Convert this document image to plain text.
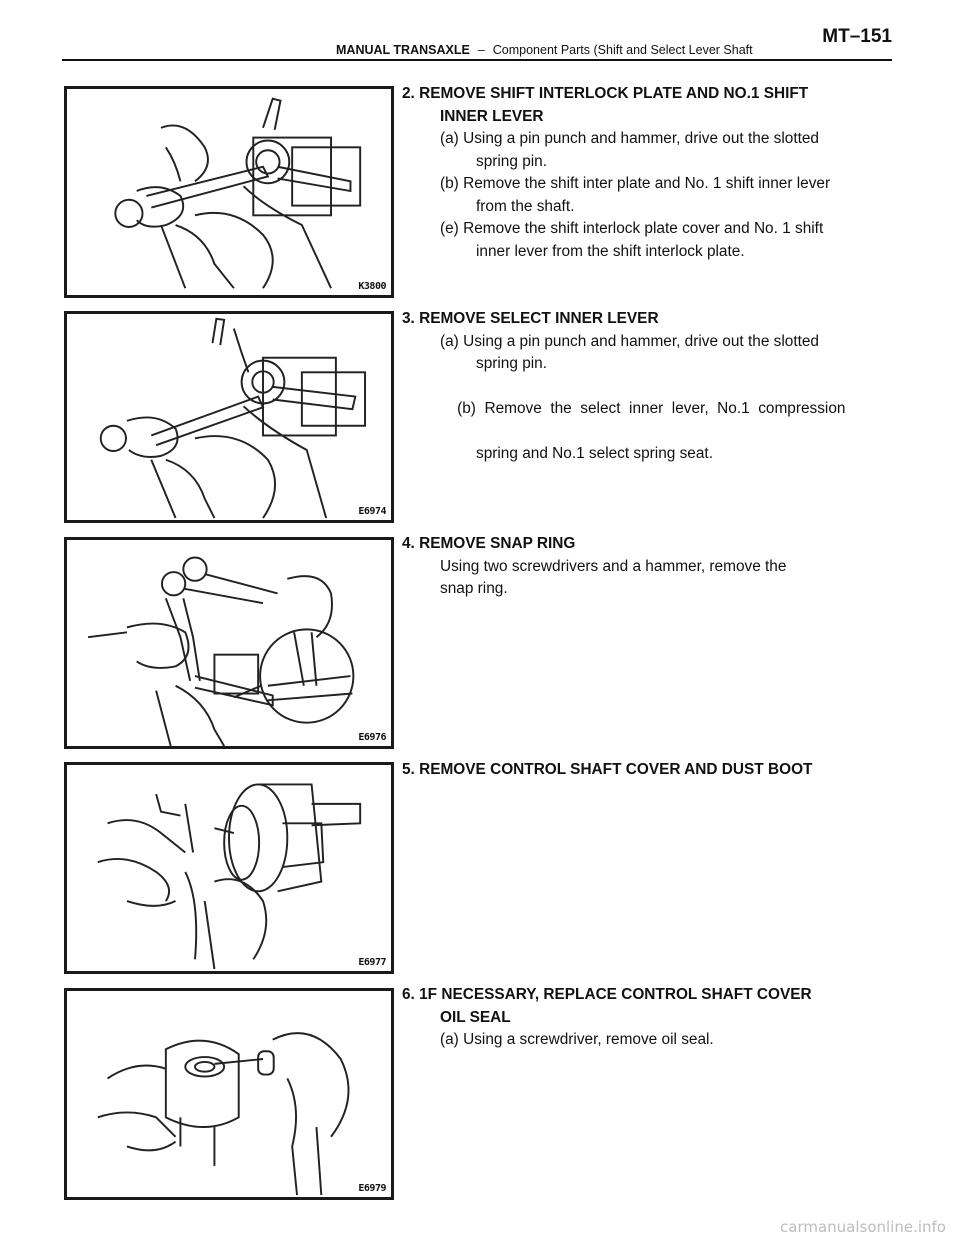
MANUAL TRANSAXLE – Component Parts (Shift and Select Lever Shaft
MT–151
K3800
E6974
E6976
E6977
E6979
2. REMOVE SHIFT INTERLOCK PLATE AND NO.1 SHIFT
INNER LEVER
(a) Using a pin punch and hammer, drive out the slotted
spring pin.
(b) Remove the shift inter plate and No. 1 shift inner lever
from the shaft.
(e) Remove the shift interlock plate cover and No. 1 shift
inner lever from the shift interlock plate.
3. REMOVE SELECT INNER LEVER
(a) Using a pin punch and hammer, drive out the slotted
spring pin.

(b)  Remove  the  select  inner  lever,  No.1  compression

spring and No.1 select spring seat.

4. REMOVE SNAP RING
Using two screwdrivers and a hammer, remove the
snap ring.
5. REMOVE CONTROL SHAFT COVER AND DUST BOOT
6. 1F NECESSARY, REPLACE CONTROL SHAFT COVER
OIL SEAL
(a) Using a screwdriver, remove oil seal.
carmanualsonline.info
